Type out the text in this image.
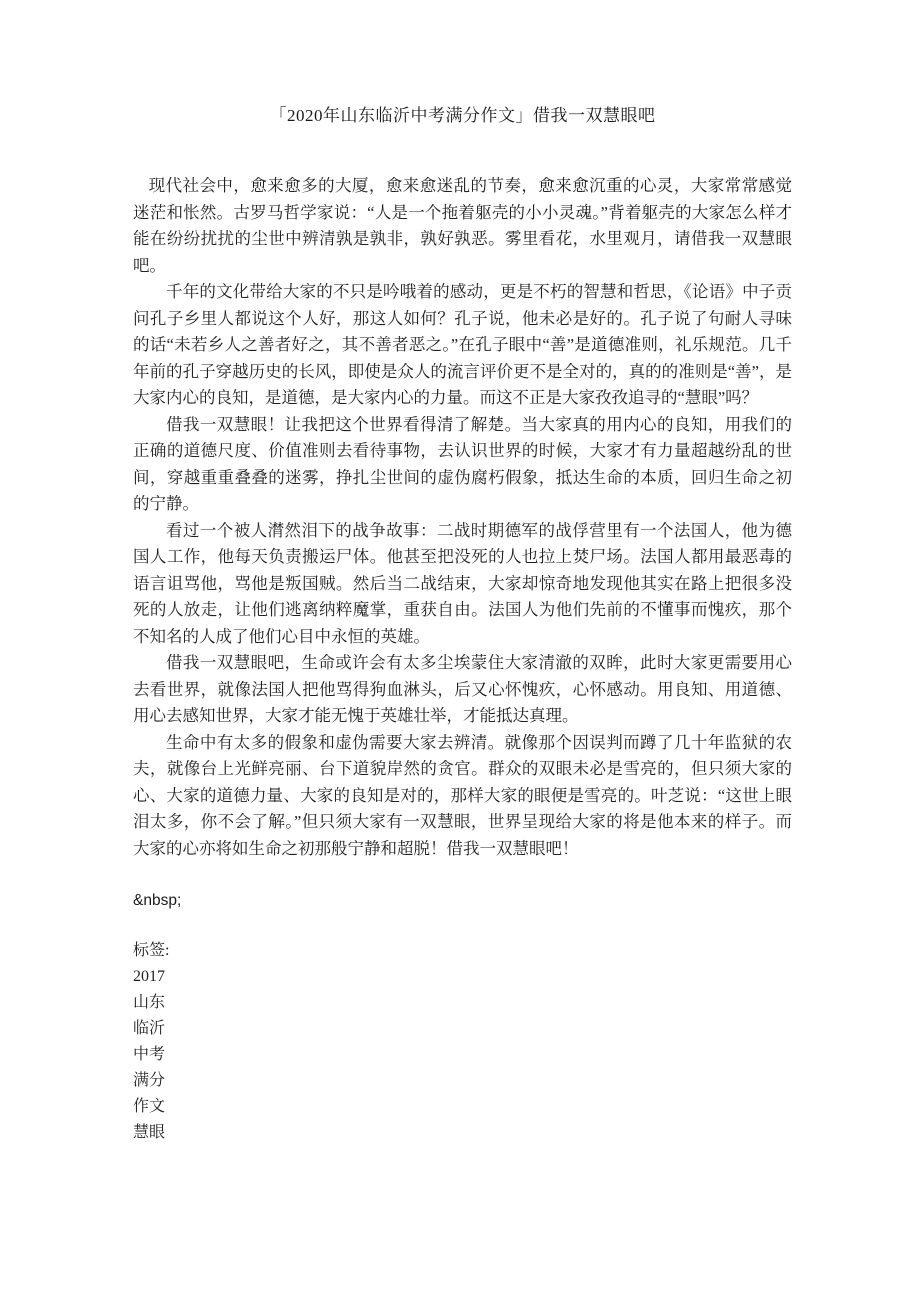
「2020年山东临沂中考满分作文」借我一双慧眼吧

现代社会中，愈来愈多的大厦，愈来愈迷乱的节奏，愈来愈沉重的心灵，大家常常感觉迷茫和怅然。古罗马哲学家说：“人是一个拖着躯壳的小小灵魂。”背着躯壳的大家怎么样才能在纷纷扰扰的尘世中辨清孰是孰非，孰好孰恶。雾里看花，水里观月，请借我一双慧眼吧。

千年的文化带给大家的不只是吟哦着的感动，更是不朽的智慧和哲思，《论语》中子贡问孔子乡里人都说这个人好，那这人如何？孔子说，他未必是好的。孔子说了句耐人寻味的话“未若乡人之善者好之，其不善者恶之。”在孔子眼中“善”是道德准则，礼乐规范。几千年前的孔子穿越历史的长风，即使是众人的流言评价更不是全对的，真的的准则是“善”，是大家内心的良知，是道德，是大家内心的力量。而这不正是大家孜孜追寻的“慧眼”吗？

借我一双慧眼！让我把这个世界看得清了解楚。当大家真的用内心的良知，用我们的正确的道德尺度、价值准则去看待事物，去认识世界的时候，大家才有力量超越纷乱的世间，穿越重重叠叠的迷雾，挣扎尘世间的虚伪腐朽假象，抵达生命的本质，回归生命之初的宁静。

看过一个被人潸然泪下的战争故事：二战时期德军的战俘营里有一个法国人，他为德国人工作，他每天负责搬运尸体。他甚至把没死的人也拉上焚尸场。法国人都用最恶毒的语言诅骂他，骂他是叛国贼。然后当二战结束，大家却惊奇地发现他其实在路上把很多没死的人放走，让他们逃离纳粹魔掌，重获自由。法国人为他们先前的不懂事而愧疚，那个不知名的人成了他们心目中永恒的英雄。

借我一双慧眼吧，生命或许会有太多尘埃蒙住大家清澈的双眸，此时大家更需要用心去看世界，就像法国人把他骂得狗血淋头，后又心怀愧疚，心怀感动。用良知、用道德、用心去感知世界，大家才能无愧于英雄壮举，才能抵达真理。

生命中有太多的假象和虚伪需要大家去辨清。就像那个因误判而蹲了几十年监狱的农夫，就像台上光鲜亮丽、台下道貌岸然的贪官。群众的双眼未必是雪亮的，但只须大家的心、大家的道德力量、大家的良知是对的，那样大家的眼便是雪亮的。叶芝说：“这世上眼泪太多，你不会了解。”但只须大家有一双慧眼，世界呈现给大家的将是他本来的样子。而大家的心亦将如生命之初那般宁静和超脱！借我一双慧眼吧！

&nbsp;
标签:
2017
山东
临沂
中考
满分
作文
慧眼
